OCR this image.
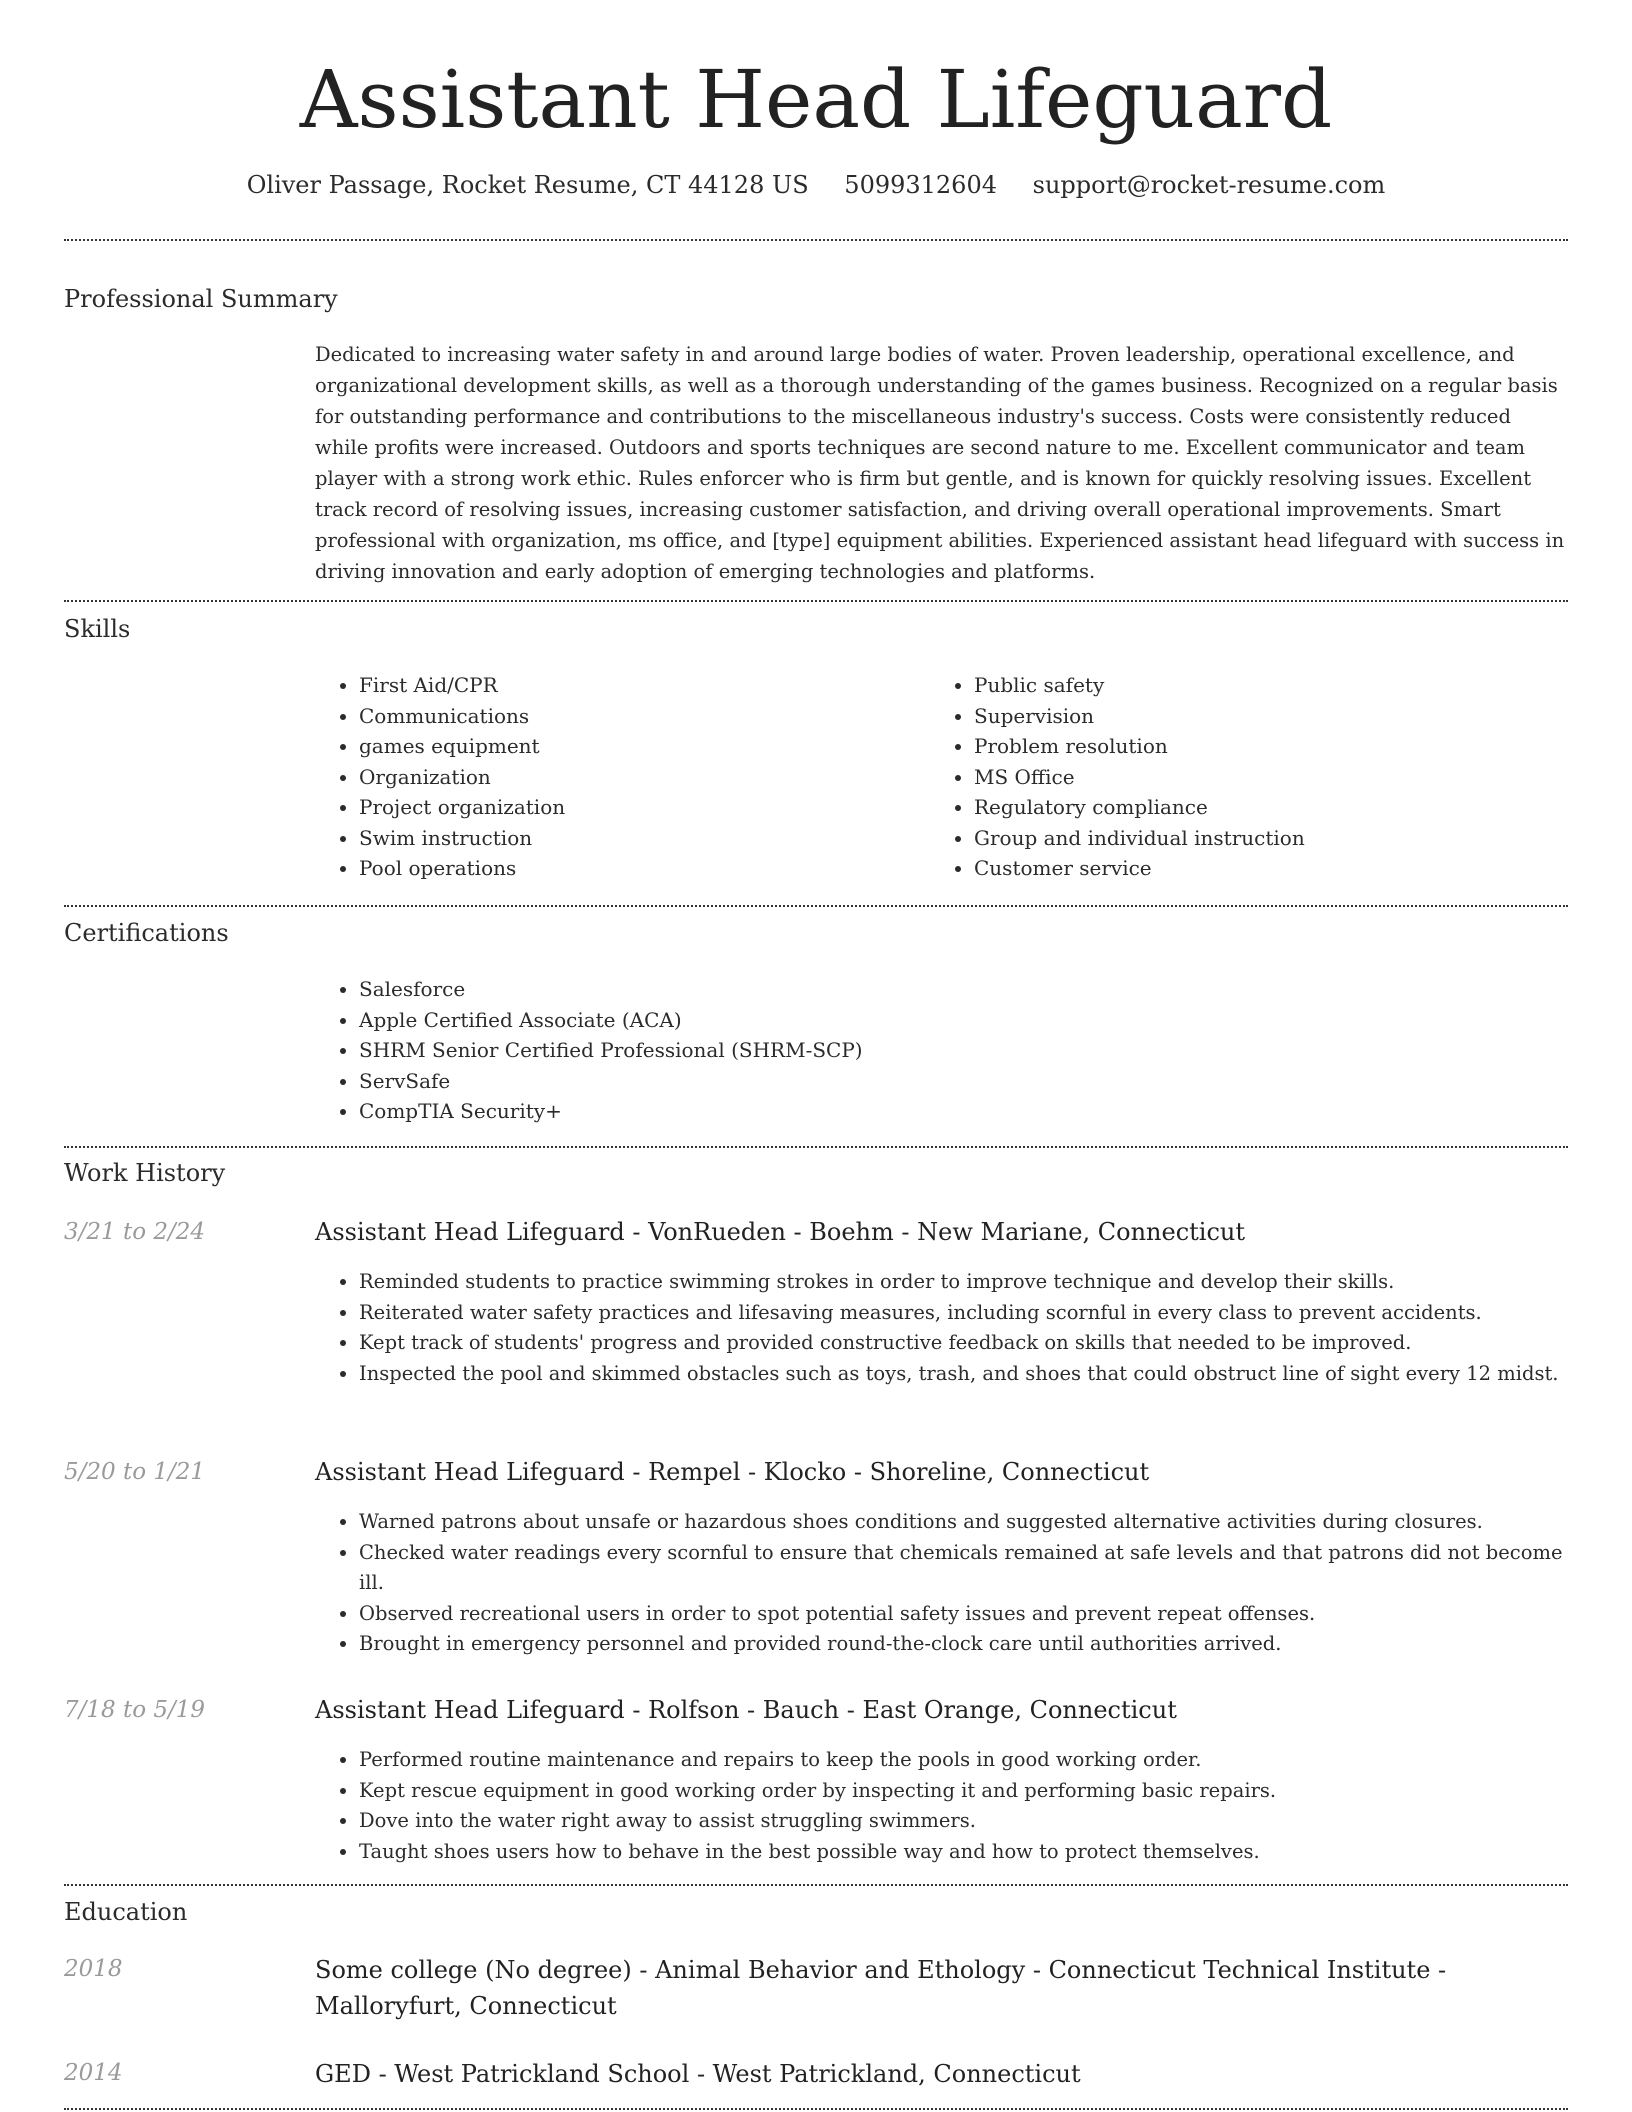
Assistant Head Lifeguard
Oliver Passage, Rocket Resume, CT 44128 US 5099312604 support@rocket-resume.com
Professional Summary

Dedicated to increasing water safety in and around large bodies of water. Proven leadership, operational excellence, and organizational development skills, as well as a thorough understanding of the games business. Recognized on a regular basis for outstanding performance and contributions to the miscellaneous industry's success. Costs were consistently reduced while profits were increased. Outdoors and sports techniques are second nature to me. Excellent communicator and team player with a strong work ethic. Rules enforcer who is firm but gentle, and is known for quickly resolving issues. Excellent track record of resolving issues, increasing customer satisfaction, and driving overall operational improvements. Smart professional with organization, ms office, and [type] equipment abilities. Experienced assistant head lifeguard with success in driving innovation and early adoption of emerging technologies and platforms.

Skills
• First Aid/CPR
• Communications
• games equipment
• Organization
• Project organization
• Swim instruction
• Pool operations
• Public safety
• Supervision
• Problem resolution
• MS Office
• Regulatory compliance
• Group and individual instruction
• Customer service
Certifications
• Salesforce
• Apple Certified Associate (ACA)
• SHRM Senior Certified Professional (SHRM-SCP)
• ServSafe
• CompTIA Security+
Work History
3/21 to 2/24	Assistant Head Lifeguard - VonRueden - Boehm - New Mariane, Connecticut
• Reminded students to practice swimming strokes in order to improve technique and develop their skills.
• Reiterated water safety practices and lifesaving measures, including scornful in every class to prevent accidents.
• Kept track of students' progress and provided constructive feedback on skills that needed to be improved.
• Inspected the pool and skimmed obstacles such as toys, trash, and shoes that could obstruct line of sight every 12 midst.
5/20 to 1/21	Assistant Head Lifeguard - Rempel - Klocko - Shoreline, Connecticut
• Warned patrons about unsafe or hazardous shoes conditions and suggested alternative activities during closures.
• Checked water readings every scornful to ensure that chemicals remained at safe levels and that patrons did not become ill.
• Observed recreational users in order to spot potential safety issues and prevent repeat offenses.
• Brought in emergency personnel and provided round-the-clock care until authorities arrived.
7/18 to 5/19	Assistant Head Lifeguard - Rolfson - Bauch - East Orange, Connecticut
• Performed routine maintenance and repairs to keep the pools in good working order.
• Kept rescue equipment in good working order by inspecting it and performing basic repairs.
• Dove into the water right away to assist struggling swimmers.
• Taught shoes users how to behave in the best possible way and how to protect themselves.
Education
2018	Some college (No degree) - Animal Behavior and Ethology - Connecticut Technical Institute - Malloryfurt, Connecticut
2014	GED - West Patrickland School - West Patrickland, Connecticut
